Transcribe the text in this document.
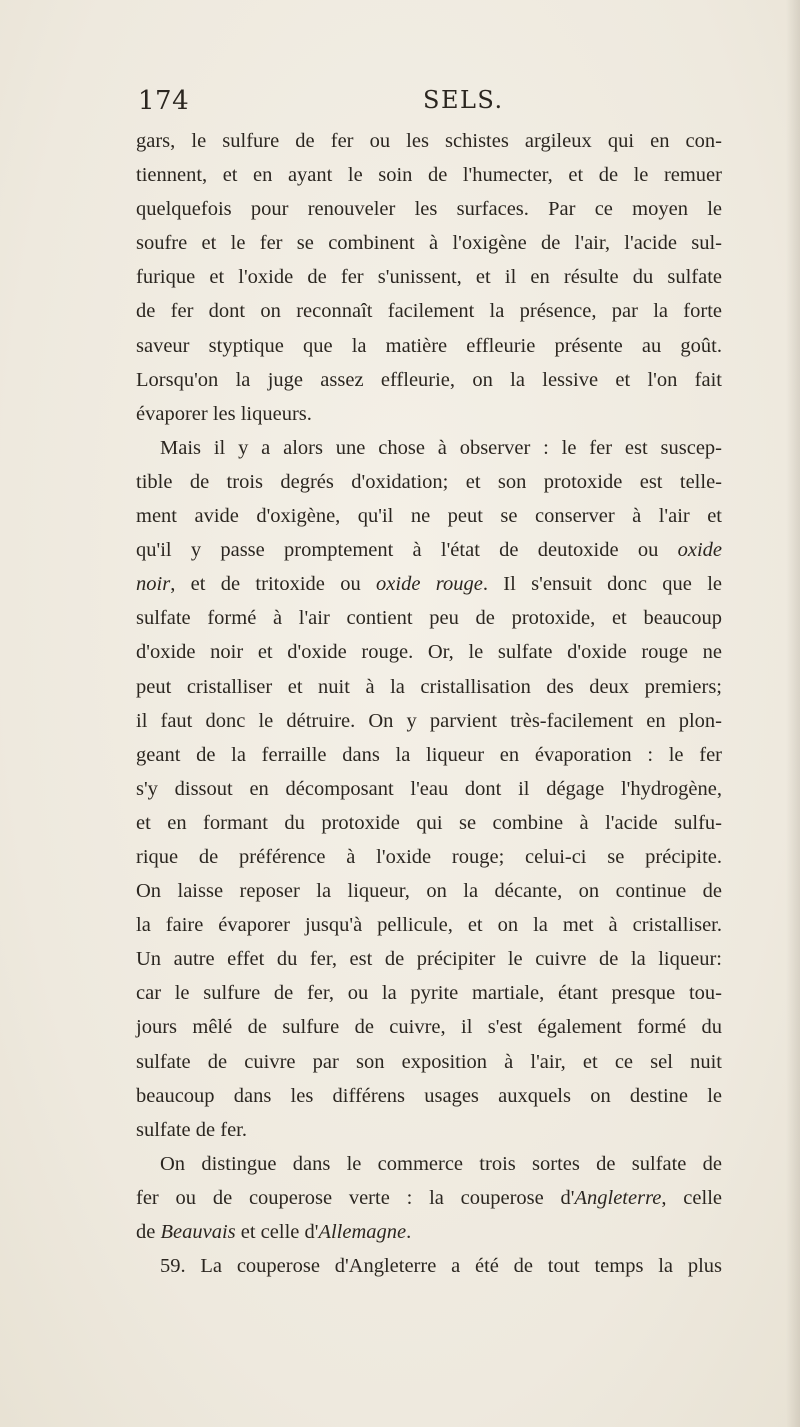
174	SELS.
gars, le sulfure de fer ou les schistes argileux qui en con-
tiennent, et en ayant le soin de l'humecter, et de le remuer
quelquefois pour renouveler les surfaces. Par ce moyen le
soufre et le fer se combinent à l'oxigène de l'air, l'acide sul-
furique et l'oxide de fer s'unissent, et il en résulte du sulfate
de fer dont on reconnaît facilement la présence, par la forte
saveur styptique que la matière effleurie présente au goût.
Lorsqu'on la juge assez effleurie, on la lessive et l'on fait
évaporer les liqueurs.
Mais il y a alors une chose à observer : le fer est suscep-
tible de trois degrés d'oxidation; et son protoxide est telle-
ment avide d'oxigène, qu'il ne peut se conserver à l'air et
qu'il y passe promptement à l'état de deutoxide ou oxide
noir, et de tritoxide ou oxide rouge. Il s'ensuit donc que le
sulfate formé à l'air contient peu de protoxide, et beaucoup
d'oxide noir et d'oxide rouge. Or, le sulfate d'oxide rouge ne
peut cristalliser et nuit à la cristallisation des deux premiers;
il faut donc le détruire. On y parvient très-facilement en plon-
geant de la ferraille dans la liqueur en évaporation : le fer
s'y dissout en décomposant l'eau dont il dégage l'hydrogène,
et en formant du protoxide qui se combine à l'acide sulfu-
rique de préférence à l'oxide rouge; celui-ci se précipite.
On laisse reposer la liqueur, on la décante, on continue de
la faire évaporer jusqu'à pellicule, et on la met à cristalliser.
Un autre effet du fer, est de précipiter le cuivre de la liqueur:
car le sulfure de fer, ou la pyrite martiale, étant presque tou-
jours mêlé de sulfure de cuivre, il s'est également formé du
sulfate de cuivre par son exposition à l'air, et ce sel nuit
beaucoup dans les différens usages auxquels on destine le
sulfate de fer.
On distingue dans le commerce trois sortes de sulfate de
fer ou de couperose verte : la couperose d'Angleterre, celle
de Beauvais et celle d'Allemagne.
59. La couperose d'Angleterre a été de tout temps la plus
